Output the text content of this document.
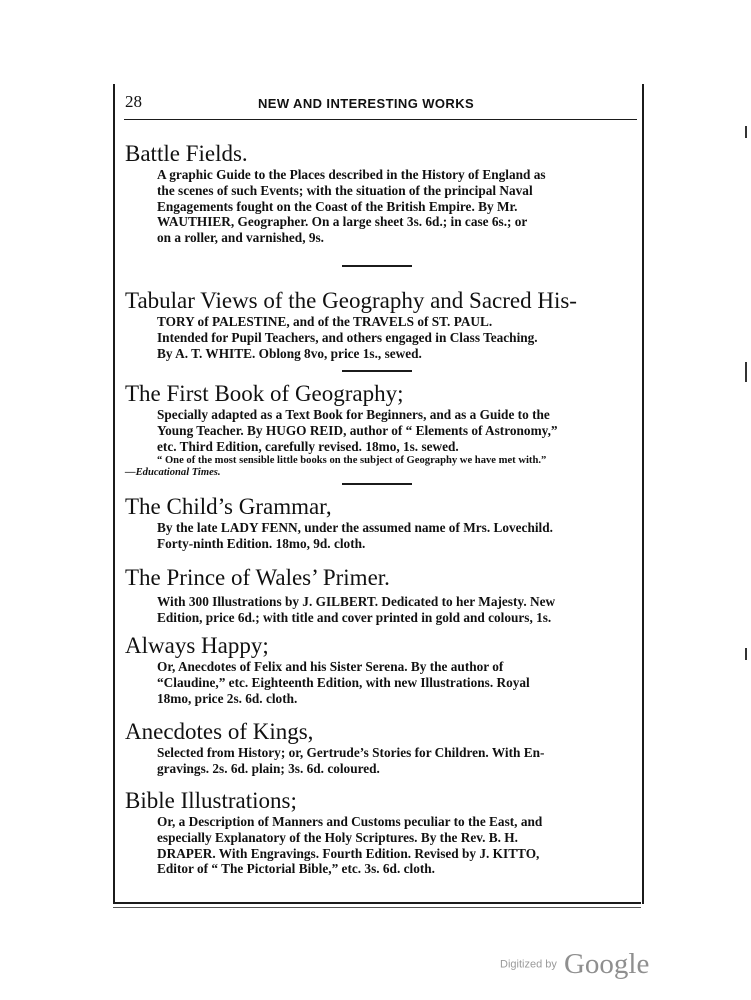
28	NEW AND INTERESTING WORKS
Battle Fields.
A graphic Guide to the Places described in the History of England as
the scenes of such Events; with the situation of the principal Naval
Engagements fought on the Coast of the British Empire. By Mr.
WAUTHIER, Geographer. On a large sheet 3s. 6d.; in case 6s.; or
on a roller, and varnished, 9s.
Tabular Views of the Geography and Sacred His-
TORY of PALESTINE, and of the TRAVELS of ST. PAUL.
Intended for Pupil Teachers, and others engaged in Class Teaching.
By A. T. WHITE. Oblong 8vo, price 1s., sewed.
The First Book of Geography;
Specially adapted as a Text Book for Beginners, and as a Guide to the
Young Teacher. By HUGO REID, author of “ Elements of Astronomy,”
etc. Third Edition, carefully revised. 18mo, 1s. sewed.
“ One of the most sensible little books on the subject of Geography we have met with.”
—Educational Times.
The Child’s Grammar,
By the late LADY FENN, under the assumed name of Mrs. Lovechild.
Forty-ninth Edition. 18mo, 9d. cloth.
The Prince of Wales’ Primer.
With 300 Illustrations by J. GILBERT. Dedicated to her Majesty. New
Edition, price 6d.; with title and cover printed in gold and colours, 1s.
Always Happy;
Or, Anecdotes of Felix and his Sister Serena. By the author of
“Claudine,” etc. Eighteenth Edition, with new Illustrations. Royal
18mo, price 2s. 6d. cloth.
Anecdotes of Kings,
Selected from History; or, Gertrude’s Stories for Children. With En-
gravings. 2s. 6d. plain; 3s. 6d. coloured.
Bible Illustrations;
Or, a Description of Manners and Customs peculiar to the East, and
especially Explanatory of the Holy Scriptures. By the Rev. B. H.
DRAPER. With Engravings. Fourth Edition. Revised by J. KITTO,
Editor of “ The Pictorial Bible,” etc. 3s. 6d. cloth.
Digitized by Google
